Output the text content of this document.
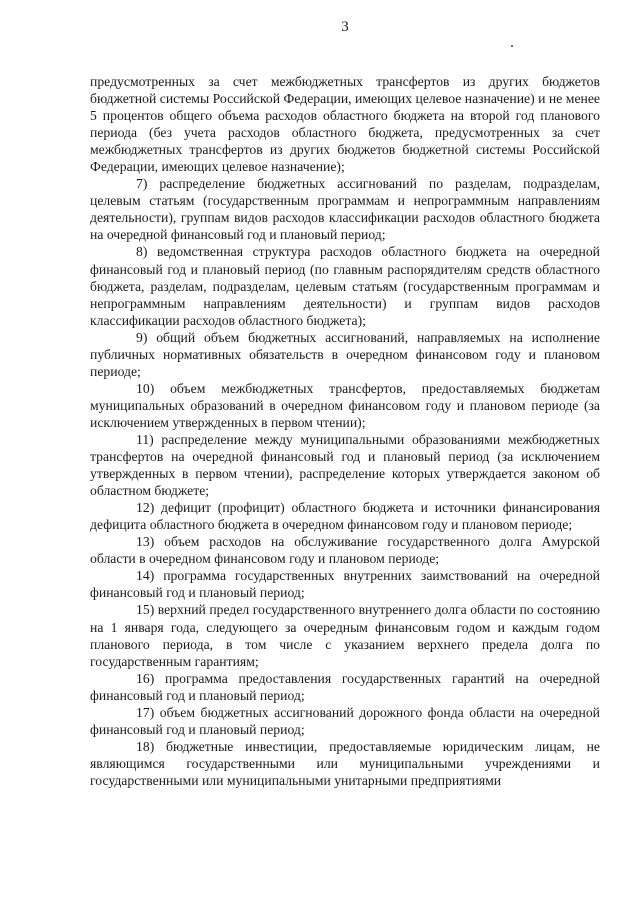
3

предусмотренных за счет межбюджетных трансфертов из других бюджетов бюджетной системы Российской Федерации, имеющих целевое назначение) и не менее 5 процентов общего объема расходов областного бюджета на второй год планового периода (без учета расходов областного бюджета, предусмотренных за счет межбюджетных трансфертов из других бюджетов бюджетной системы Российской Федерации, имеющих целевое назначение);

7) распределение бюджетных ассигнований по разделам, подразделам, целевым статьям (государственным программам и непрограммным направлениям деятельности), группам видов расходов классификации расходов областного бюджета на очередной финансовый год и плановый период;

8) ведомственная структура расходов областного бюджета на очередной финансовый год и плановый период (по главным распорядителям средств областного бюджета, разделам, подразделам, целевым статьям (государственным программам и непрограммным направлениям деятельности) и группам видов расходов классификации расходов областного бюджета);

9) общий объем бюджетных ассигнований, направляемых на исполнение публичных нормативных обязательств в очередном финансовом году и плановом периоде;

10) объем межбюджетных трансфертов, предоставляемых бюджетам муниципальных образований в очередном финансовом году и плановом периоде (за исключением утвержденных в первом чтении);

11) распределение между муниципальными образованиями межбюджетных трансфертов на очередной финансовый год и плановый период (за исключением утвержденных в первом чтении), распределение которых утверждается законом об областном бюджете;

12) дефицит (профицит) областного бюджета и источники финансирования дефицита областного бюджета в очередном финансовом году и плановом периоде;

13) объем расходов на обслуживание государственного долга Амурской области в очередном финансовом году и плановом периоде;

14) программа государственных внутренних заимствований на очередной финансовый год и плановый период;

15) верхний предел государственного внутреннего долга области по состоянию на 1 января года, следующего за очередным финансовым годом и каждым годом планового периода, в том числе с указанием верхнего предела долга по государственным гарантиям;

16) программа предоставления государственных гарантий на очередной финансовый год и плановый период;

17) объем бюджетных ассигнований дорожного фонда области на очередной финансовый год и плановый период;

18) бюджетные инвестиции, предоставляемые юридическим лицам, не являющимся государственными или муниципальными учреждениями и государственными или муниципальными унитарными предприятиями
